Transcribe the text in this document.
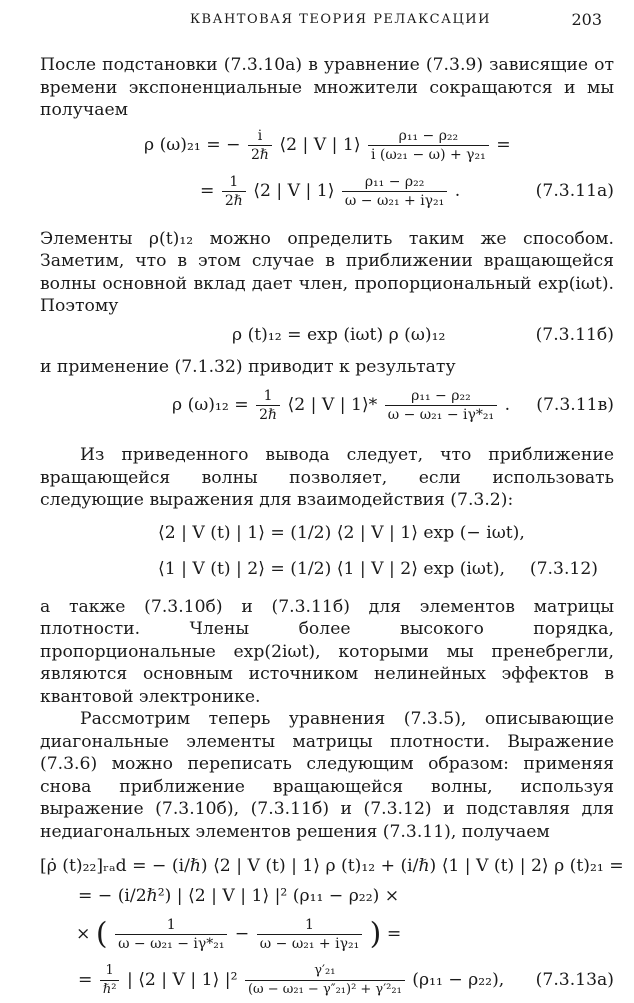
КВАНТОВАЯ ТЕОРИЯ РЕЛАКСАЦИИ	203

После подстановки (7.3.10a) в уравнение (7.3.9) зависящие от времени экспоненциальные множители сокращаются и мы получаем

ρ (ω)₂₁ = − $\frac{i}{\text{2ℏ}}$ ⟨2 | V | 1⟩ $\frac{\text{ρ₁₁ − ρ₂₂}}{\text{i (ω₂₁ − ω) + γ₂₁}}$ =
= $\frac{1}{\text{2ℏ}}$ ⟨2 | V | 1⟩ $\frac{\text{ρ₁₁ − ρ₂₂}}{\text{ω − ω₂₁ + iγ₂₁}}$ .	(7.3.11a)

Элементы ρ(t)₁₂ можно определить таким же способом. Заметим, что в этом случае в приближении вращающейся волны основной вклад дает член, пропорциональный exp(iωt). Поэтому

ρ (t)₁₂ = exp (iωt) ρ (ω)₁₂	(7.3.11б)

и применение (7.1.32) приводит к результату

ρ $(\omega)_{12} = \frac{1}{\text{2ℏ}}$ ⟨2 | V | 1⟩* $\frac{\text{ρ₁₁ − ρ₂₂}}{\text{ω − ω₂₁ − iγ*₂₁}}$ . (7.3.11в)

Из приведенного вывода следует, что приближение вращающейся волны позволяет, если использовать следующие выражения для взаимодействия (7.3.2):

⟨2 | V (t) | 1⟩ = (1/2) ⟨2 | V | 1⟩ exp (− iωt),
⟨1 | V (t) | 2⟩ = (1/2) ⟨1 | V | 2⟩ exp (iωt), (7.3.12)

а также (7.3.10б) и (7.3.11б) для элементов матрицы плотности. Члены более высокого порядка, пропорциональные exp(2iωt), которыми мы пренебрегли, являются основным источником нелинейных эффектов в квантовой электронике.

Рассмотрим теперь уравнения (7.3.5), описывающие диагональные элементы матрицы плотности. Выражение (7.3.6) можно переписать следующим образом: применяя снова приближение вращающейся волны, используя выражение (7.3.10б), (7.3.11б) и (7.3.12) и подставляя для недиагональных элементов решения (7.3.11), получаем

[ρ̇ (t)₂₂]ᵣₐd = − (i/ℏ) ⟨2 | V (t) | 1⟩ ρ (t)₁₂ + (i/ℏ) ⟨1 | V (t) | 2⟩ ρ (t)₂₁ =
= − (i/2ℏ²) | ⟨2 | V | 1⟩ |² (ρ₁₁ − ρ₂₂) ×
× ( $\frac{1}{\text{ω − ω₂₁ − iγ*₂₁}} - \frac{1}{\text{ω − ω₂₁ + iγ₂₁}}$ ) =
= $\frac{1}{\text{ℏ²}}$ | ⟨2 | V | 1⟩ $|^2 \frac{\text{γ′₂₁}}{\text{(ω − ω₂₁ − γ″₂₁)² + γ′²₂₁}} (\rho_{11} - \rho_{22})$, (7.3.13a)
